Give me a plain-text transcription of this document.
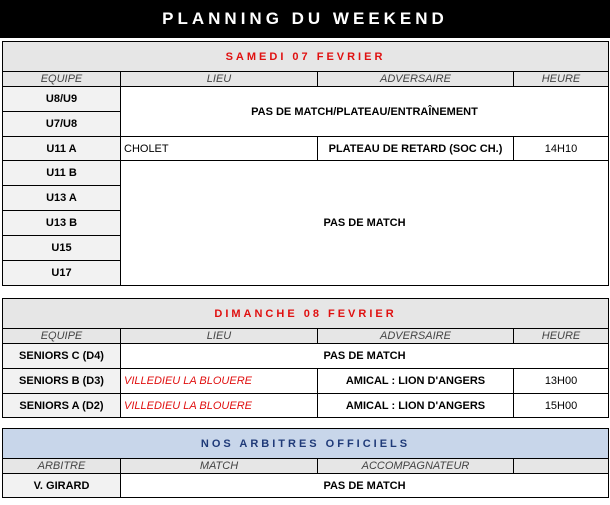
PLANNING DU WEEKEND
SAMEDI 07 FEVRIER			
EQUIPE	LIEU	ADVERSAIRE	HEURE
U8/U9	PAS DE MATCH/PLATEAU/ENTRAÎNEMENT		
U7/U8			
U11 A	CHOLET	PLATEAU DE RETARD (SOC CH.)	14H10
U11 B	PAS DE MATCH		
U13 A			
U13 B			
U15			
U17			
DIMANCHE 08 FEVRIER			
EQUIPE	LIEU	ADVERSAIRE	HEURE
SENIORS C (D4)	PAS DE MATCH		
SENIORS B (D3)	VILLEDIEU LA BLOUERE	AMICAL : LION D'ANGERS	13H00
SENIORS A (D2)	VILLEDIEU LA BLOUERE	AMICAL : LION D'ANGERS	15H00
NOS ARBITRES OFFICIELS			
ARBITRE	MATCH	ACCOMPAGNATEUR	
V. GIRARD	PAS DE MATCH		
